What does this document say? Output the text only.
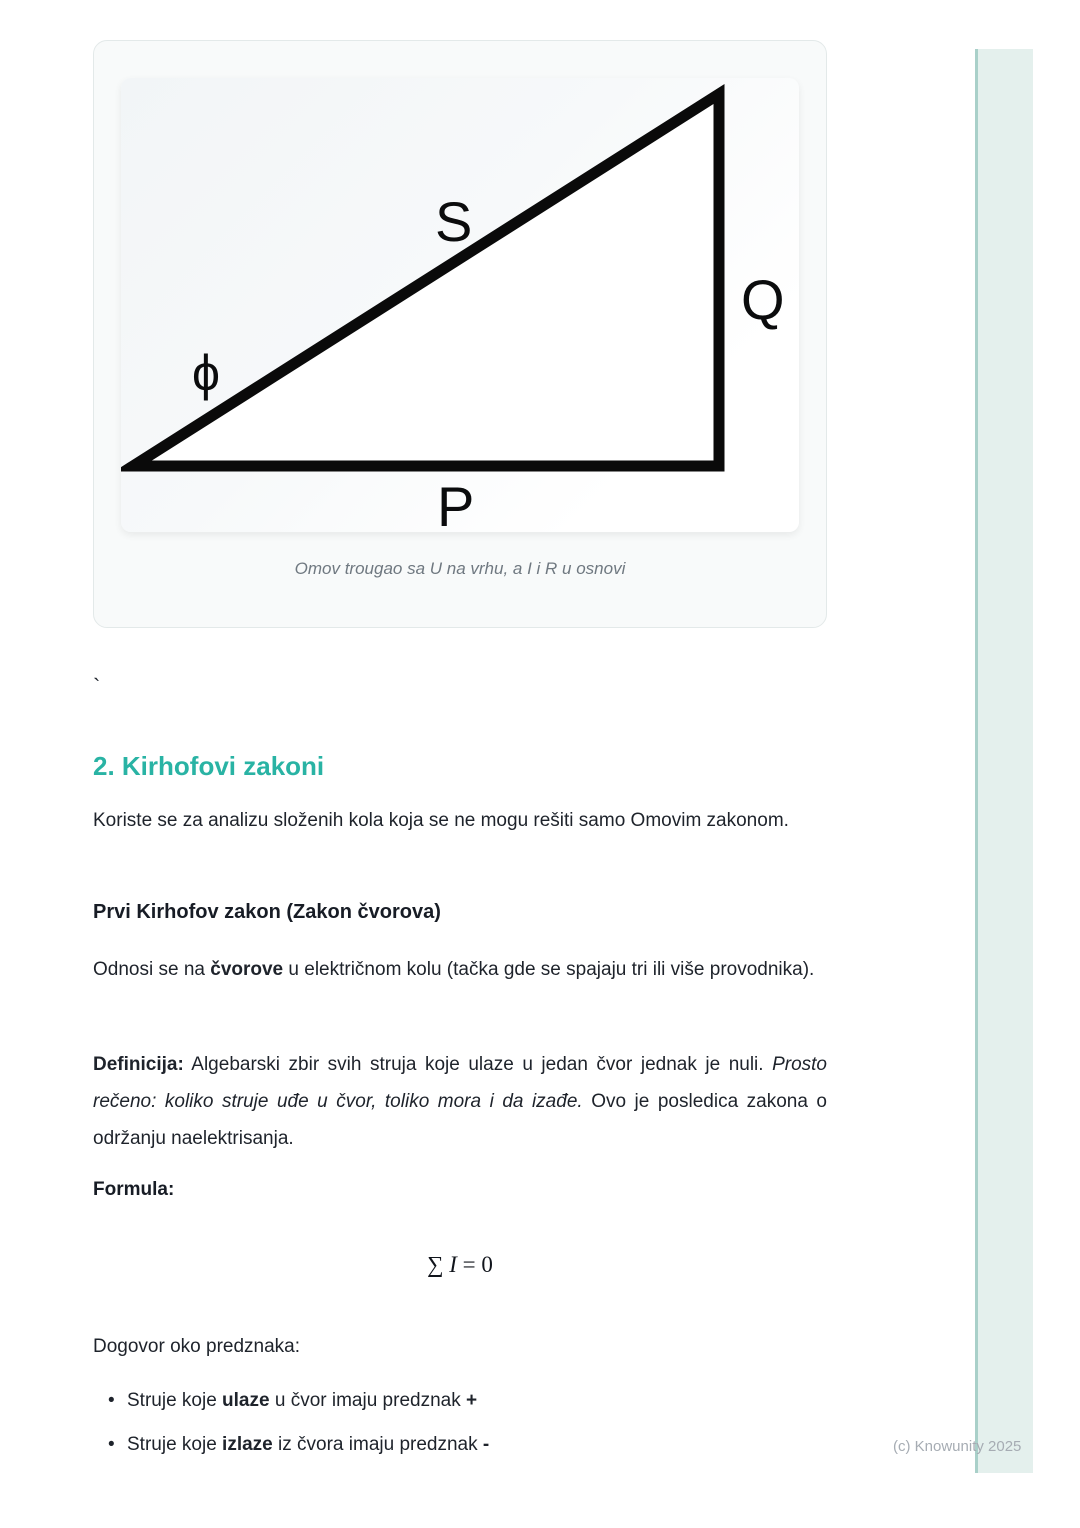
S
Q
P
ϕ
Omov trougao sa U na vrhu, a I i R u osnovi
`
2. Kirhofovi zakoni

Koriste se za analizu složenih kola koja se ne mogu rešiti samo Omovim zakonom.

Prvi Kirhofov zakon (Zakon čvorova)

Odnosi se na čvorove u električnom kolu (tačka gde se spajaju tri ili više provodnika).

Definicija: Algebarski zbir svih struja koje ulaze u jedan čvor jednak je nuli. Prosto rečeno: koliko struje uđe u čvor, toliko mora i da izađe. Ovo je posledica zakona o održanju naelektrisanja.

Formula:
∑ I = 0
Dogovor oko predznaka:
• Struje koje ulaze u čvor imaju predznak +
• Struje koje izlaze iz čvora imaju predznak -	(c) Knowunity 2025
